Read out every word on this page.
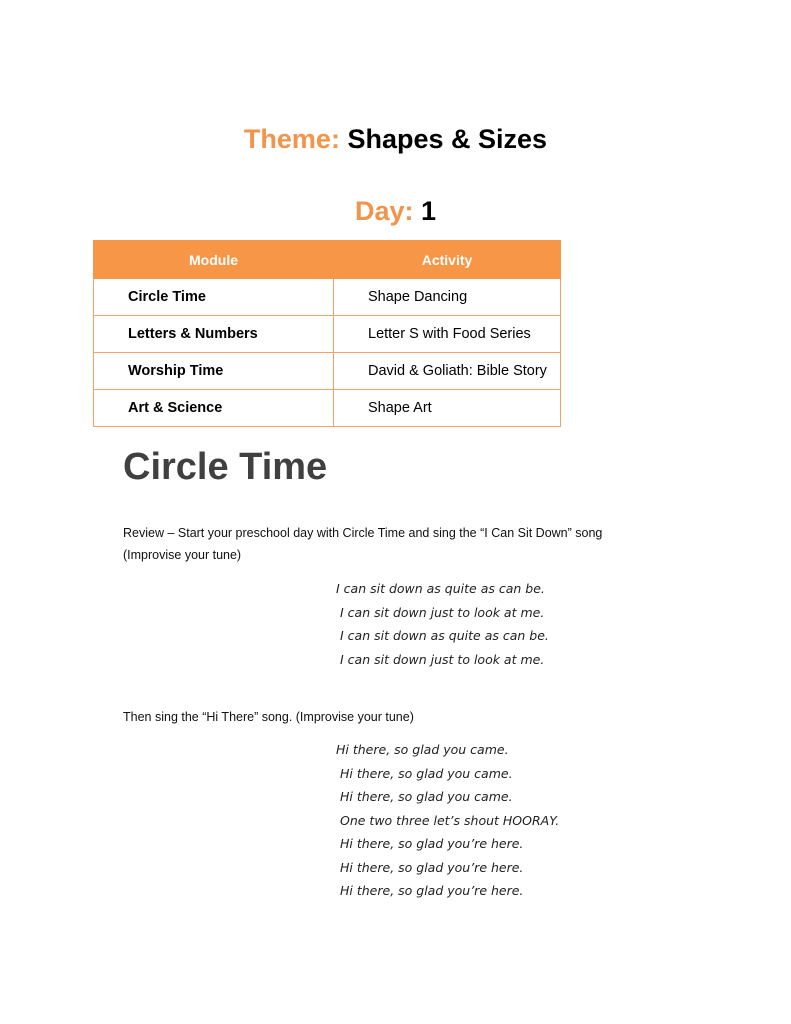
Theme: Shapes & Sizes
Day: 1
Module	Activity
Circle Time	Shape Dancing
Letters & Numbers	Letter S with Food Series
Worship Time	David & Goliath: Bible Story
Art & Science	Shape Art
Circle Time
Review – Start your preschool day with Circle Time and sing the “I Can Sit Down” song (Improvise your tune)
I can sit down as quite as can be.
I can sit down just to look at me.
I can sit down as quite as can be.
I can sit down just to look at me.
Then sing the “Hi There” song. (Improvise your tune)
Hi there, so glad you came.
Hi there, so glad you came.
Hi there, so glad you came.
One two three let’s shout HOORAY.
Hi there, so glad you’re here.
Hi there, so glad you’re here.
Hi there, so glad you’re here.
